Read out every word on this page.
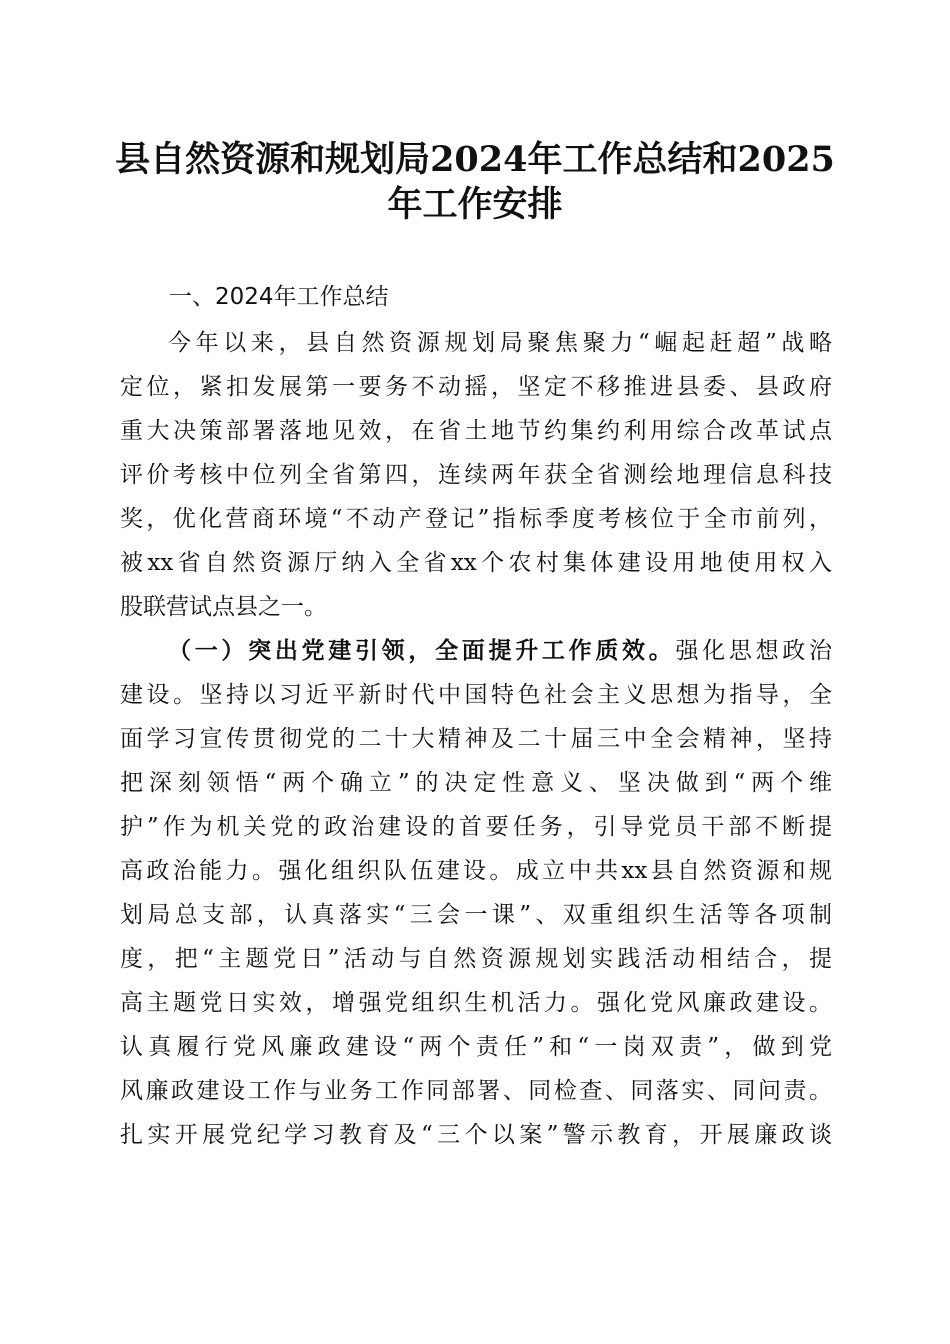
县自然资源和规划局2024年工作总结和2025
年工作安排
一、2024年工作总结
今年以来，县自然资源规划局聚焦聚力“崛起赶超”战略
定位，紧扣发展第一要务不动摇，坚定不移推进县委、县政府
重大决策部署落地见效，在省土地节约集约利用综合改革试点
评价考核中位列全省第四，连续两年获全省测绘地理信息科技
奖，优化营商环境“不动产登记”指标季度考核位于全市前列，
被xx省自然资源厅纳入全省xx个农村集体建设用地使用权入
股联营试点县之一。
（一）突出党建引领，全面提升工作质效。强化思想政治
建设。坚持以习近平新时代中国特色社会主义思想为指导，全
面学习宣传贯彻党的二十大精神及二十届三中全会精神，坚持
把深刻领悟“两个确立”的决定性意义、坚决做到“两个维
护”作为机关党的政治建设的首要任务，引导党员干部不断提
高政治能力。强化组织队伍建设。成立中共xx县自然资源和规
划局总支部，认真落实“三会一课”、双重组织生活等各项制
度，把“主题党日”活动与自然资源规划实践活动相结合，提
高主题党日实效，增强党组织生机活力。强化党风廉政建设。
认真履行党风廉政建设“两个责任”和“一岗双责”，做到党
风廉政建设工作与业务工作同部署、同检查、同落实、同问责。
扎实开展党纪学习教育及“三个以案”警示教育，开展廉政谈
